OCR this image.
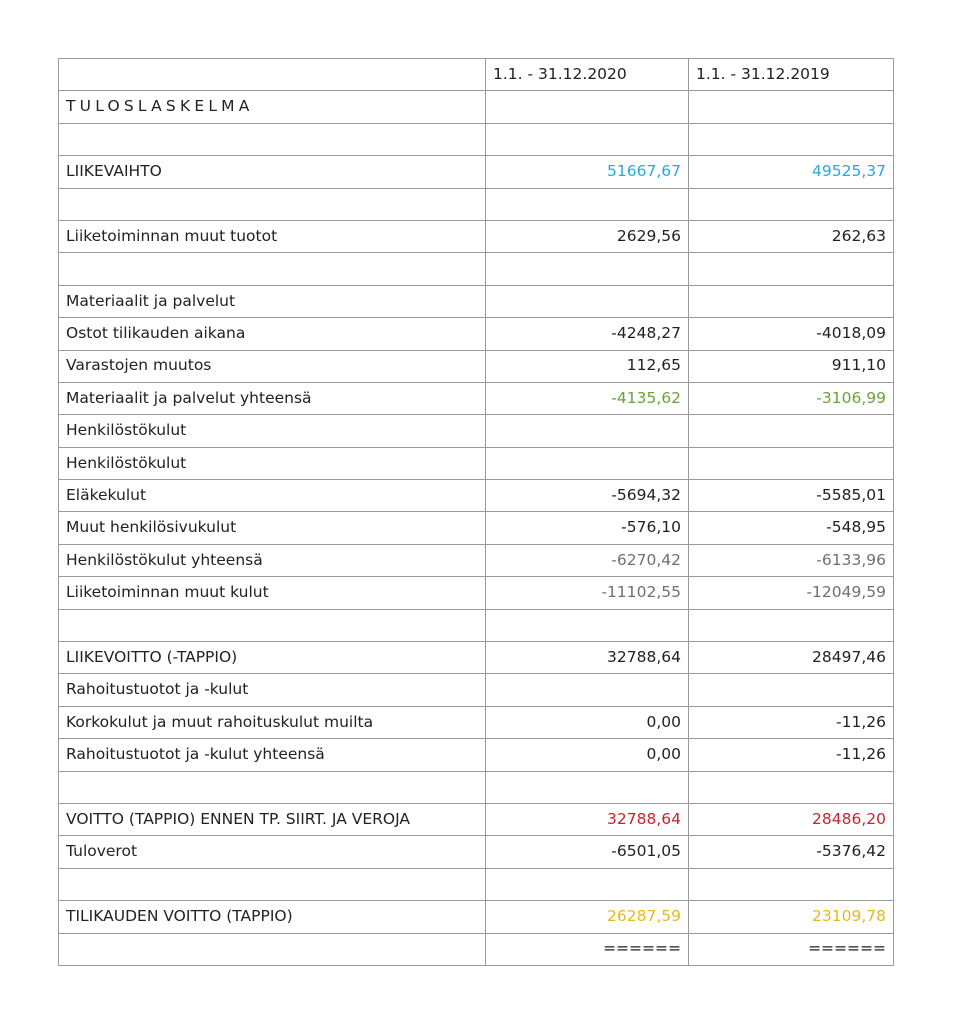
	1.1. - 31.12.2020	1.1. - 31.12.2019
TULOSLASKELMA		

LIIKEVAIHTO	51667,67	49525,37

Liiketoiminnan muut tuotot	2629,56	262,63

Materiaalit ja palvelut		
Ostot tilikauden aikana	-4248,27	-4018,09
Varastojen muutos	112,65	911,10
Materiaalit ja palvelut yhteensä	-4135,62	-3106,99
Henkilöstökulut		
Henkilöstökulut		
Eläkekulut	-5694,32	-5585,01
Muut henkilösivukulut	-576,10	-548,95
Henkilöstökulut yhteensä	-6270,42	-6133,96
Liiketoiminnan muut kulut	-11102,55	-12049,59

LIIKEVOITTO (-TAPPIO)	32788,64	28497,46
Rahoitustuotot ja -kulut		
Korkokulut ja muut rahoituskulut muilta	0,00	-11,26
Rahoitustuotot ja -kulut yhteensä	0,00	-11,26

VOITTO (TAPPIO) ENNEN TP. SIIRT. JA VEROJA	32788,64	28486,20
Tuloverot	-6501,05	-5376,42

TILIKAUDEN VOITTO (TAPPIO)	26287,59	23109,78
	======	======
